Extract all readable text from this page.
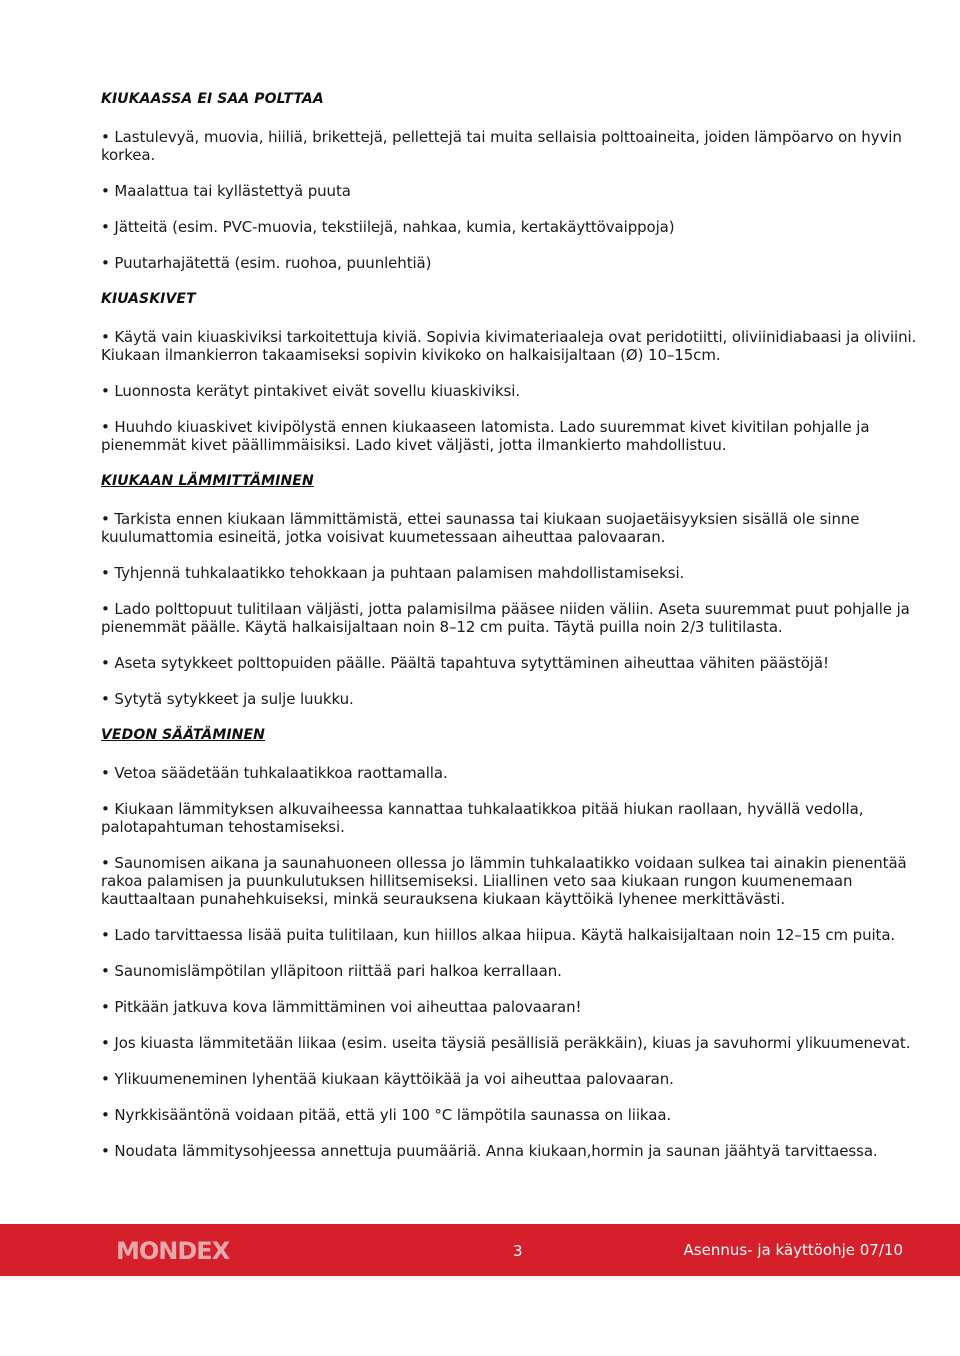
KIUKAASSA EI SAA POLTTAA

• Lastulevyä, muovia, hiiliä, brikettejä, pellettejä tai muita sellaisia polttoaineita, joiden lämpöarvo on hyvin korkea.

• Maalattua tai kyllästettyä puuta

• Jätteitä (esim. PVC-muovia, tekstiilejä, nahkaa, kumia, kertakäyttövaippoja)

• Puutarhajätettä (esim. ruohoa, puunlehtiä)

KIUASKIVET

• Käytä vain kiuaskiviksi tarkoitettuja kiviä. Sopivia kivimateriaaleja ovat peridotiitti, oliviinidiabaasi ja oliviini. Kiukaan ilmankierron takaamiseksi sopivin kivikoko on halkaisijaltaan (Ø) 10–15cm.

• Luonnosta kerätyt pintakivet eivät sovellu kiuaskiviksi.

• Huuhdo kiuaskivet kivipölystä ennen kiukaaseen latomista. Lado suuremmat kivet kivitilan pohjalle ja pienemmät kivet päällimmäisiksi. Lado kivet väljästi, jotta ilmankierto mahdollistuu.

KIUKAAN LÄMMITTÄMINEN

• Tarkista ennen kiukaan lämmittämistä, ettei saunassa tai kiukaan suojaetäisyyksien sisällä ole sinne kuulumattomia esineitä, jotka voisivat kuumetessaan aiheuttaa palovaaran.

• Tyhjennä tuhkalaatikko tehokkaan ja puhtaan palamisen mahdollistamiseksi.

• Lado polttopuut tulitilaan väljästi, jotta palamisilma pääsee niiden väliin. Aseta suuremmat puut pohjalle ja pienemmät päälle. Käytä halkaisijaltaan noin 8–12 cm puita. Täytä puilla noin 2/3 tulitilasta.

• Aseta sytykkeet polttopuiden päälle. Päältä tapahtuva sytyttäminen aiheuttaa vähiten päästöjä!

• Sytytä sytykkeet ja sulje luukku.

VEDON SÄÄTÄMINEN

• Vetoa säädetään tuhkalaatikkoa raottamalla.

• Kiukaan lämmityksen alkuvaiheessa kannattaa tuhkalaatikkoa pitää hiukan raollaan, hyvällä vedolla, palotapahtuman tehostamiseksi.

• Saunomisen aikana ja saunahuoneen ollessa jo lämmin tuhkalaatikko voidaan sulkea tai ainakin pienentää rakoa palamisen ja puunkulutuksen hillitsemiseksi. Liiallinen veto saa kiukaan rungon kuumenemaan kauttaaltaan punahehkuiseksi, minkä seurauksena kiukaan käyttöikä lyhenee merkittävästi.

• Lado tarvittaessa lisää puita tulitilaan, kun hiillos alkaa hiipua. Käytä halkaisijaltaan noin 12–15 cm puita.

• Saunomislämpötilan ylläpitoon riittää pari halkoa kerrallaan.

• Pitkään jatkuva kova lämmittäminen voi aiheuttaa palovaaran!

• Jos kiuasta lämmitetään liikaa (esim. useita täysiä pesällisiä peräkkäin), kiuas ja savuhormi ylikuumenevat.

• Ylikuumeneminen lyhentää kiukaan käyttöikää ja voi aiheuttaa palovaaran.

• Nyrkkisääntönä voidaan pitää, että yli 100 °C lämpötila saunassa on liikaa.

• Noudata lämmitysohjeessa annettuja puumääriä. Anna kiukaan,hormin ja saunan jäähtyä tarvittaessa.

MONDEX	3	Asennus- ja käyttöohje 07/10
